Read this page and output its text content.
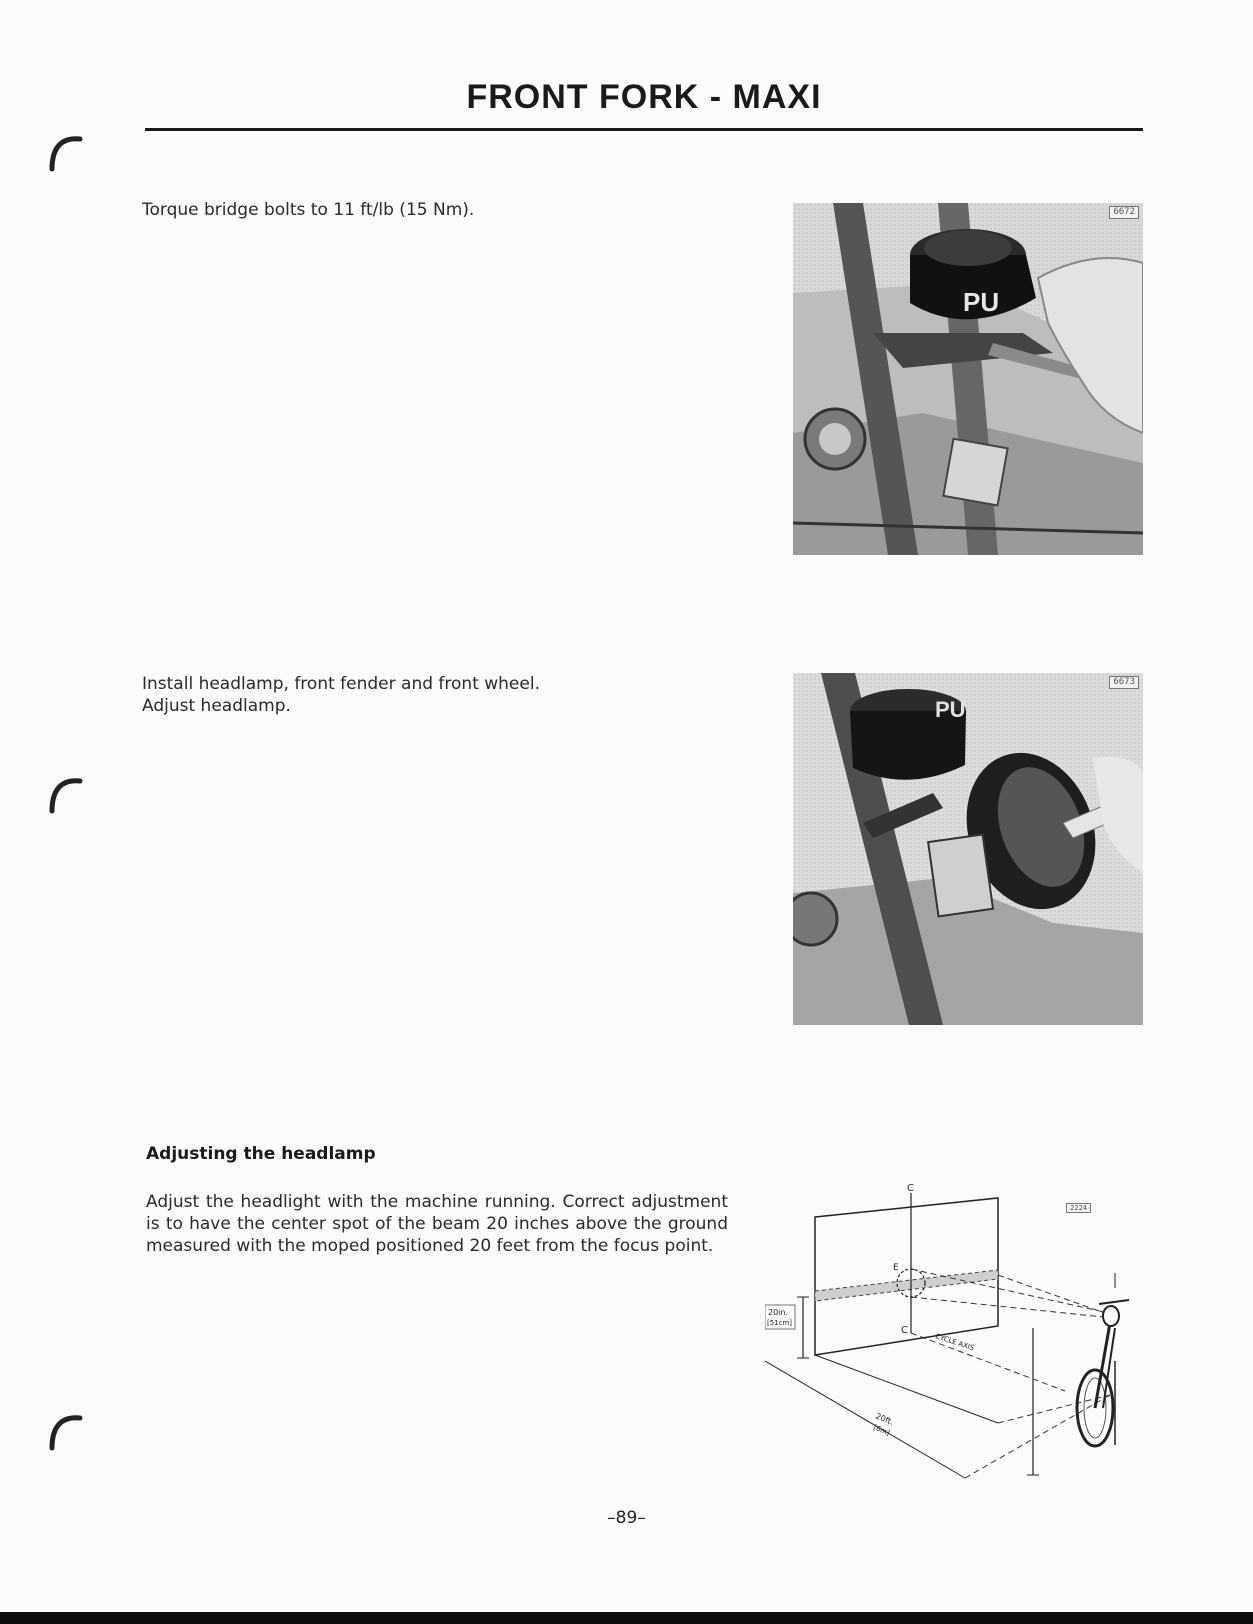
FRONT FORK - MAXI

Torque bridge bolts to 11 ft/lb (15 Nm).

PU
6672

Install headlamp, front fender and front wheel.

Adjust headlamp.	PU
6673
Adjusting the headlamp

Adjust the headlight with the machine running. Correct adjustment is to have the center spot of the beam 20 inches above the ground measured with the moped positioned 20 feet from the focus point.

C
C
E
20in.
[51cm]
CYCLE AXIS
20ft.
[6m]
2224
–89–
